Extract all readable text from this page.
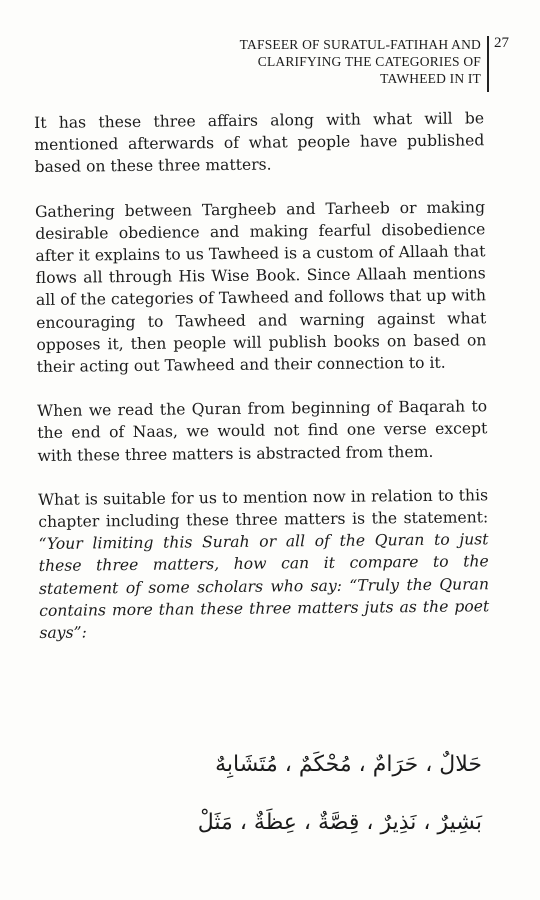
TAFSEER OF SURATUL-FATIHAH AND
CLARIFYING THE CATEGORIES OF
TAWHEED IN IT
27

It has these three affairs along with what will be mentioned afterwards of what people have published based on these three matters.

Gathering between Targheeb and Tarheeb or making desirable obedience and making fearful disobedience after it explains to us Tawheed is a custom of Allaah that flows all through His Wise Book. Since Allaah mentions all of the categories of Tawheed and follows that up with encouraging to Tawheed and warning against what opposes it, then people will publish books on based on their acting out Tawheed and their connection to it.

When we read the Quran from beginning of Baqarah to the end of Naas, we would not find one verse except with these three matters is abstracted from them.

What is suitable for us to mention now in relation to this chapter including these three matters is the statement: “Your limiting this Surah or all of the Quran to just these three matters, how can it compare to the statement of some scholars who say: “Truly the Quran contains more than these three matters juts as the poet says”:

حَلالٌ ، حَرَامٌ ، مُحْكَمٌ ، مُتَشَابِهٌ
بَشِيرٌ ، نَذِيرٌ ، قِصَّةٌ ، عِظَةٌ ، مَثَلْ
